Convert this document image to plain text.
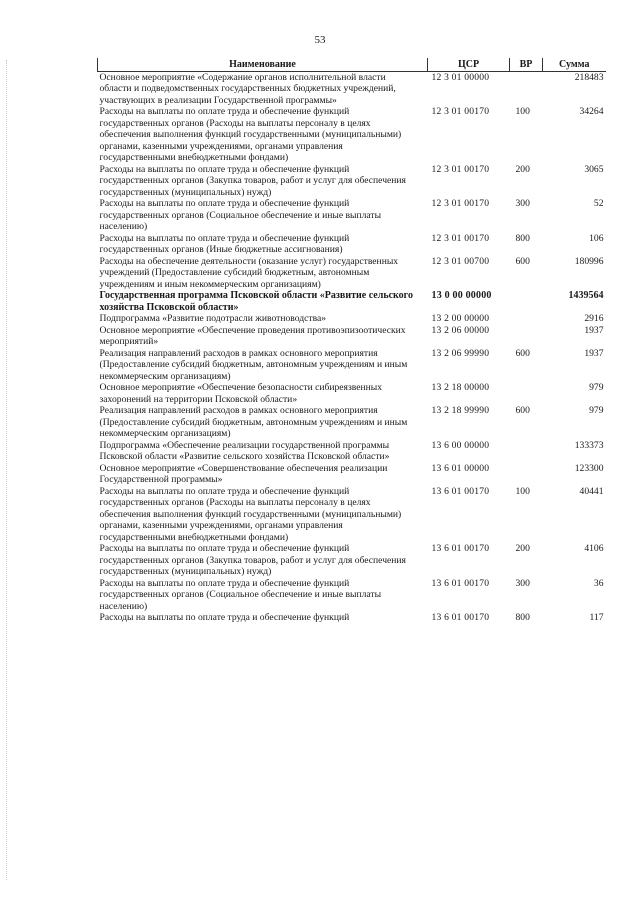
53
Наименование	ЦСР	ВР	Сумма
Основное мероприятие «Содержание органов исполнительной власти области и подведомственных государственных бюджетных учреждений, участвующих в реализации Государственной программы»	12 3 01 00000		218483
Расходы на выплаты по оплате труда и обеспечение функций государственных органов (Расходы на выплаты персоналу в целях обеспечения выполнения функций государственными (муниципальными) органами, казенными учреждениями, органами управления государственными внебюджетными фондами)	12 3 01 00170	100	34264
Расходы на выплаты по оплате труда и обеспечение функций государственных органов (Закупка товаров, работ и услуг для обеспечения государственных (муниципальных) нужд)	12 3 01 00170	200	3065
Расходы на выплаты по оплате труда и обеспечение функций государственных органов (Социальное обеспечение и иные выплаты населению)	12 3 01 00170	300	52
Расходы на выплаты по оплате труда и обеспечение функций государственных органов (Иные бюджетные ассигнования)	12 3 01 00170	800	106
Расходы на обеспечение деятельности (оказание услуг) государственных учреждений (Предоставление субсидий бюджетным, автономным учреждениям и иным некоммерческим организациям)	12 3 01 00700	600	180996
Государственная программа Псковской области «Развитие сельского хозяйства Псковской области»	13 0 00 00000		1439564
Подпрограмма «Развитие подотрасли животноводства»	13 2 00 00000		2916
Основное мероприятие «Обеспечение проведения противоэпизоотических мероприятий»	13 2 06 00000		1937
Реализация направлений расходов в рамках основного мероприятия (Предоставление субсидий бюджетным, автономным учреждениям и иным некоммерческим организациям)	13 2 06 99990	600	1937
Основное мероприятие «Обеспечение безопасности сибиреязвенных захоронений на территории Псковской области»	13 2 18 00000		979
Реализация направлений расходов в рамках основного мероприятия (Предоставление субсидий бюджетным, автономным учреждениям и иным некоммерческим организациям)	13 2 18 99990	600	979
Подпрограмма «Обеспечение реализации государственной программы Псковской области «Развитие сельского хозяйства Псковской области»	13 6 00 00000		133373
Основное мероприятие «Совершенствование обеспечения реализации Государственной программы»	13 6 01 00000		123300
Расходы на выплаты по оплате труда и обеспечение функций государственных органов (Расходы на выплаты персоналу в целях обеспечения выполнения функций государственными (муниципальными) органами, казенными учреждениями, органами управления государственными внебюджетными фондами)	13 6 01 00170	100	40441
Расходы на выплаты по оплате труда и обеспечение функций государственных органов (Закупка товаров, работ и услуг для обеспечения государственных (муниципальных) нужд)	13 6 01 00170	200	4106
Расходы на выплаты по оплате труда и обеспечение функций государственных органов (Социальное обеспечение и иные выплаты населению)	13 6 01 00170	300	36
Расходы на выплаты по оплате труда и обеспечение функций	13 6 01 00170	800	117
